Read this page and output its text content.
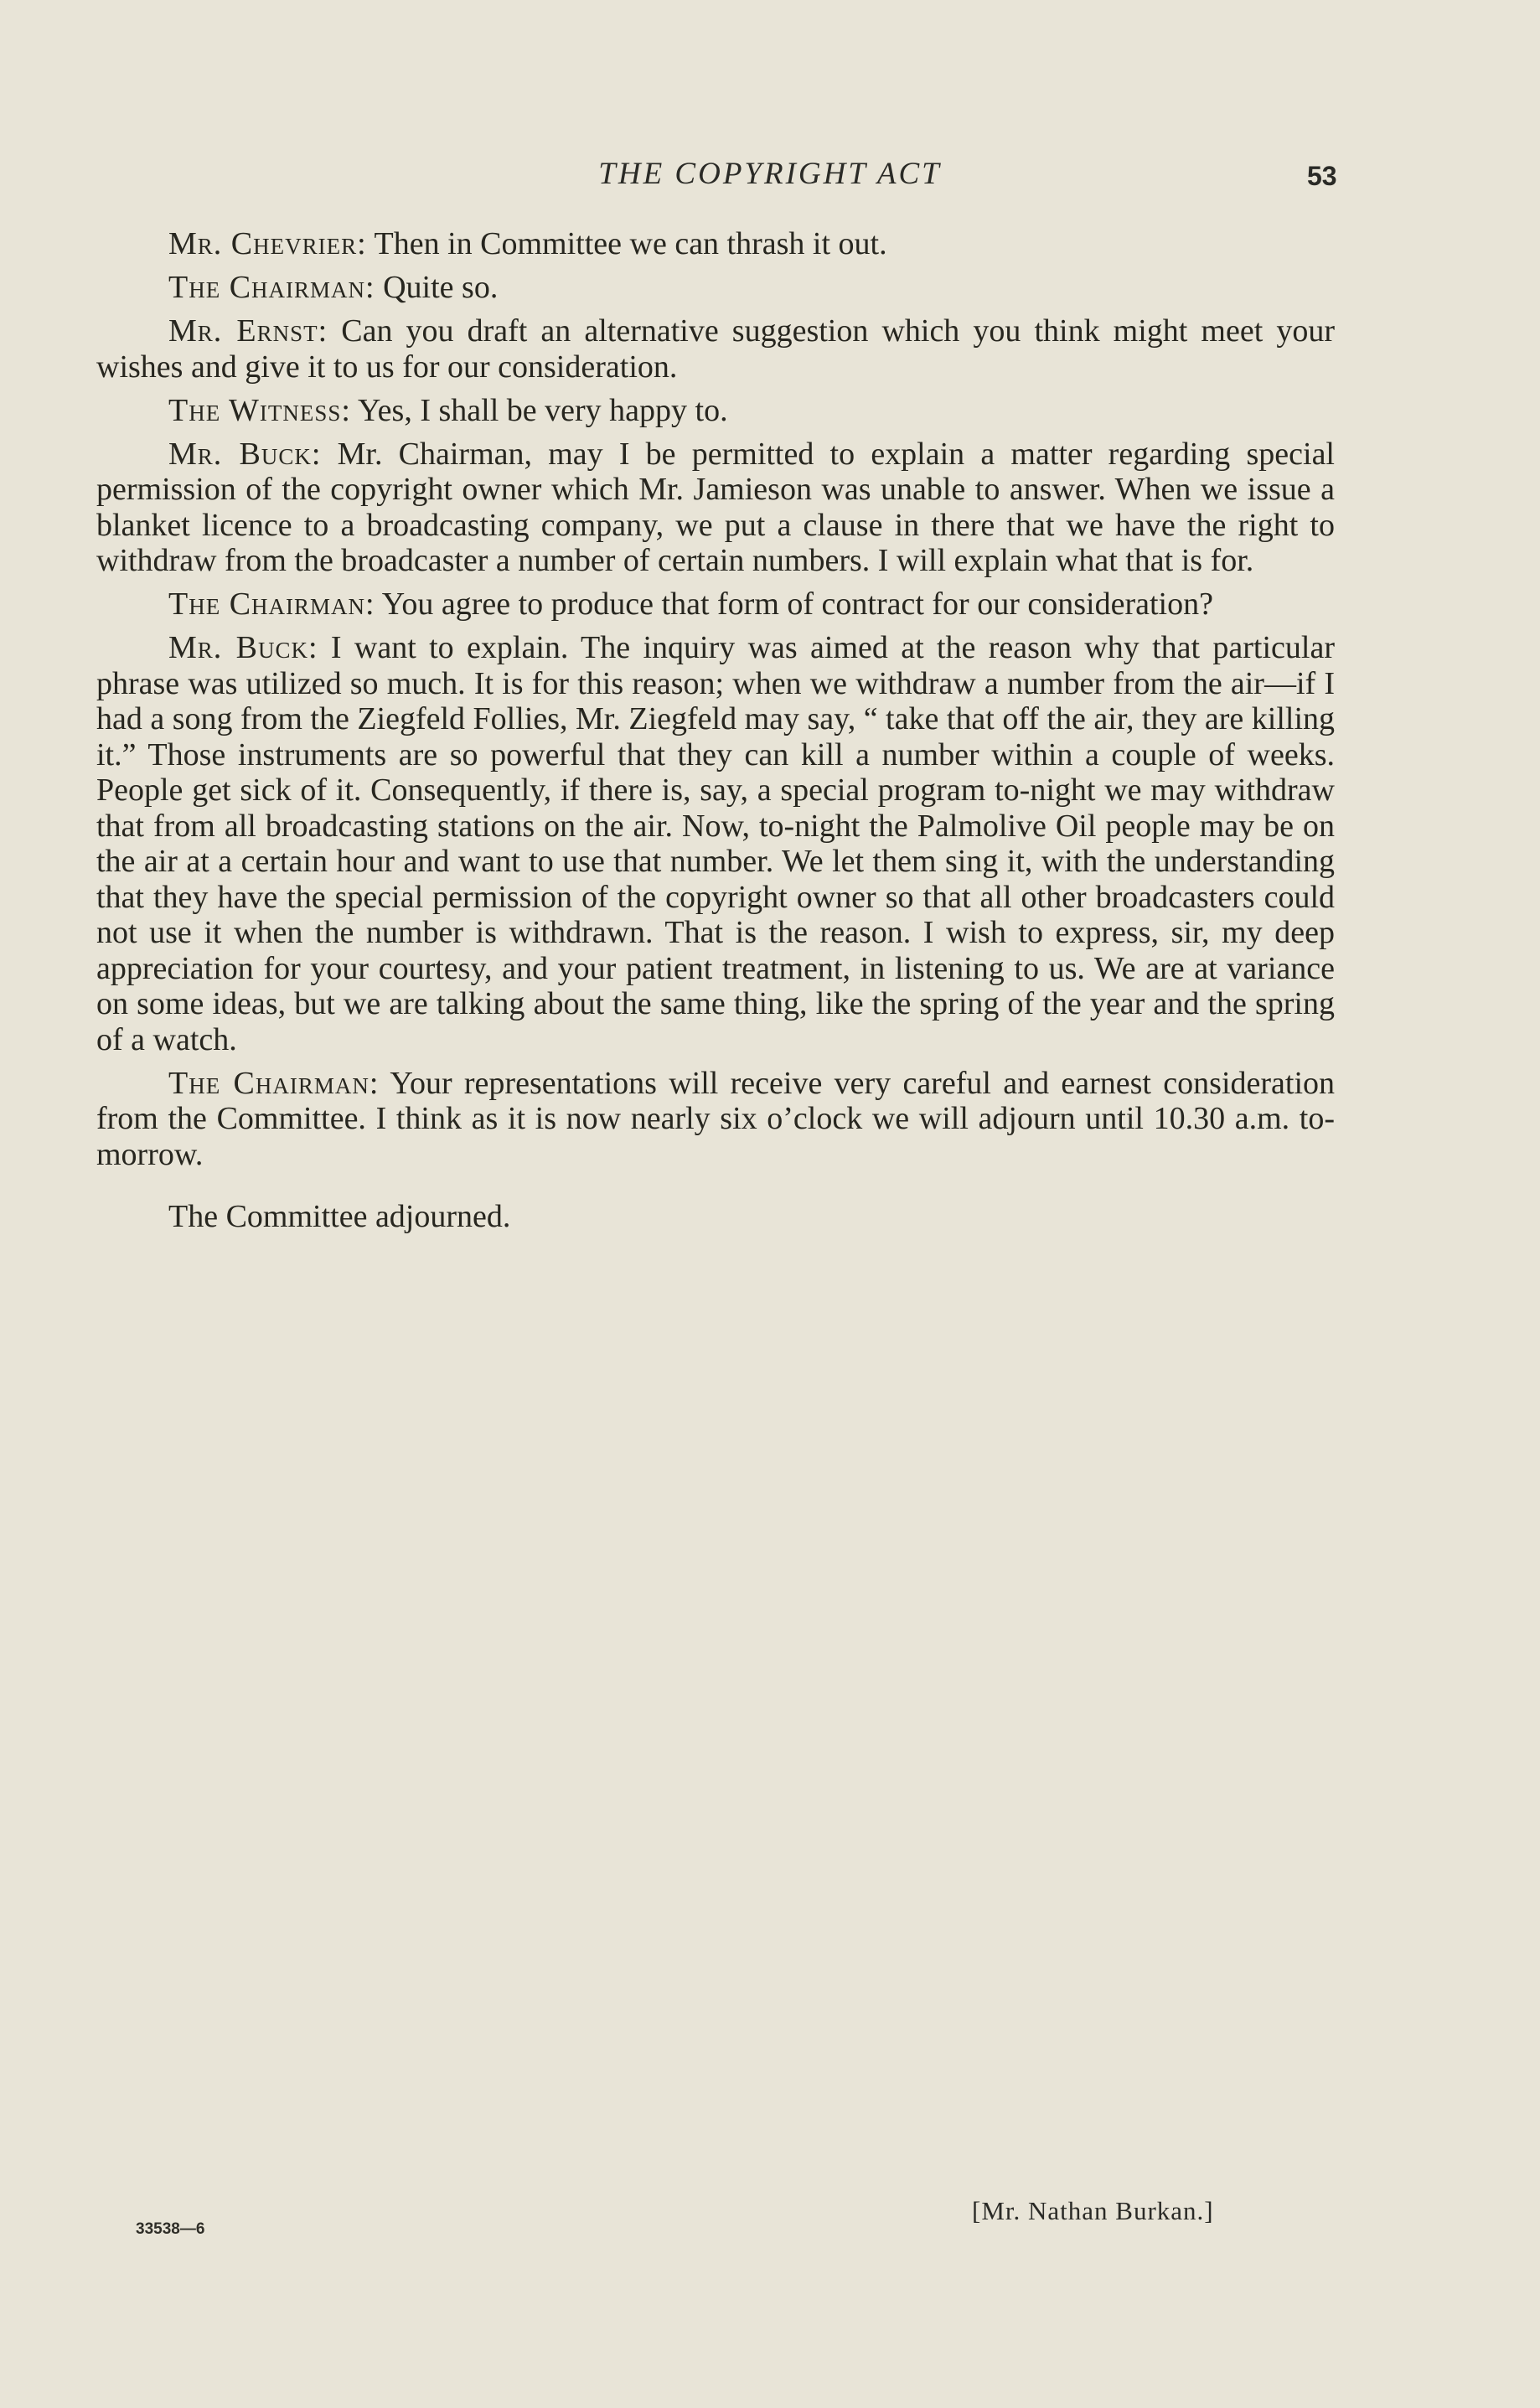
THE COPYRIGHT ACT	53

Mr. Chevrier: Then in Committee we can thrash it out.

The Chairman: Quite so.

Mr. Ernst: Can you draft an alternative suggestion which you think might meet your wishes and give it to us for our consideration.

The Witness: Yes, I shall be very happy to.

Mr. Buck: Mr. Chairman, may I be permitted to explain a matter regarding special permission of the copyright owner which Mr. Jamieson was unable to answer. When we issue a blanket licence to a broadcasting company, we put a clause in there that we have the right to withdraw from the broadcaster a number of certain numbers. I will explain what that is for.

The Chairman: You agree to produce that form of contract for our consideration?

Mr. Buck: I want to explain. The inquiry was aimed at the reason why that particular phrase was utilized so much. It is for this reason; when we withdraw a number from the air—if I had a song from the Ziegfeld Follies, Mr. Ziegfeld may say, “ take that off the air, they are killing it.” Those instruments are so powerful that they can kill a number within a couple of weeks. People get sick of it. Consequently, if there is, say, a special program to-night we may withdraw that from all broadcasting stations on the air. Now, to-night the Palmolive Oil people may be on the air at a certain hour and want to use that number. We let them sing it, with the understanding that they have the special permission of the copyright owner so that all other broadcasters could not use it when the number is withdrawn. That is the reason. I wish to express, sir, my deep appreciation for your courtesy, and your patient treatment, in listening to us. We are at variance on some ideas, but we are talking about the same thing, like the spring of the year and the spring of a watch.

The Chairman: Your representations will receive very careful and earnest consideration from the Committee. I think as it is now nearly six o’clock we will adjourn until 10.30 a.m. to-morrow.

The Committee adjourned.

33538—6
[Mr. Nathan Burkan.]
